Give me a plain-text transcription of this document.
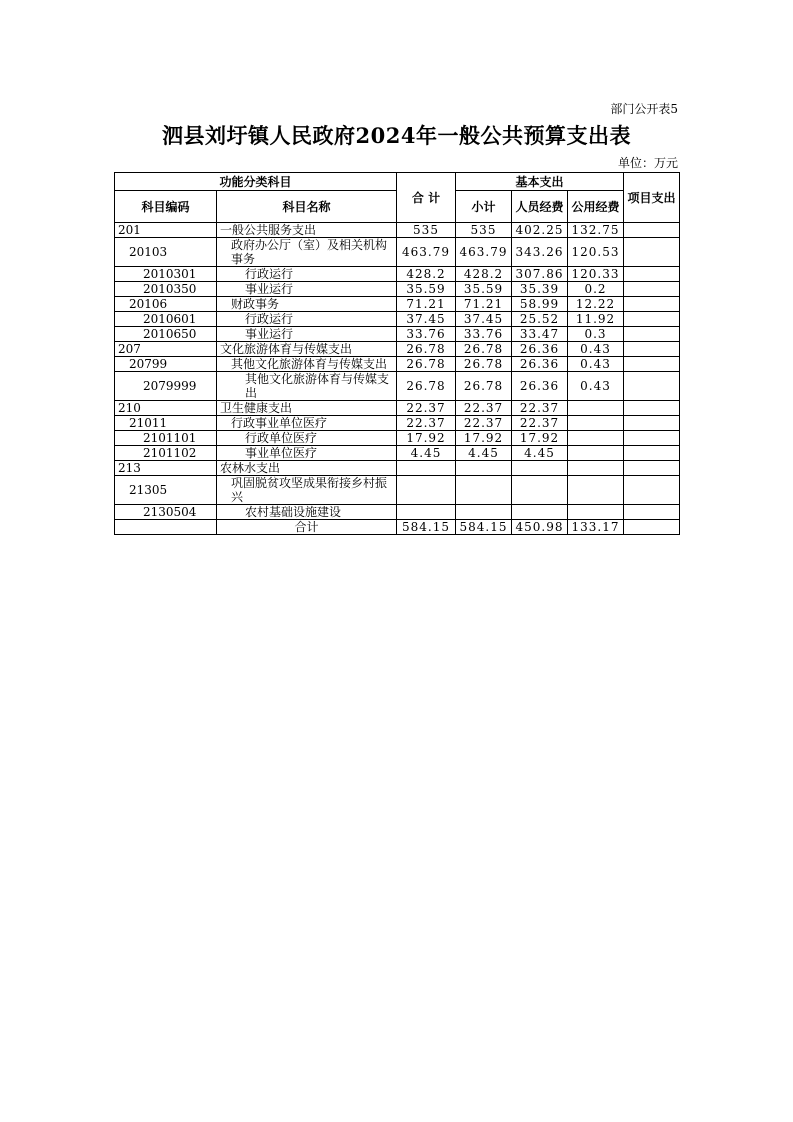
部门公开表5
泗县刘圩镇人民政府2024年一般公共预算支出表
单位：万元
功能分类科目		合 计	基本支出			项目支出
科目编码	科目名称		小计	人员经费	公用经费	
201	一般公共服务支出	535	535	402.25	132.75	
20103	政府办公厅（室）及相关机构事务	463.79	463.79	343.26	120.53	
2010301	行政运行	428.2	428.2	307.86	120.33	
2010350	事业运行	35.59	35.59	35.39	0.2	
20106	财政事务	71.21	71.21	58.99	12.22	
2010601	行政运行	37.45	37.45	25.52	11.92	
2010650	事业运行	33.76	33.76	33.47	0.3	
207	文化旅游体育与传媒支出	26.78	26.78	26.36	0.43	
20799	其他文化旅游体育与传媒支出	26.78	26.78	26.36	0.43	
2079999	其他文化旅游体育与传媒支出	26.78	26.78	26.36	0.43	
210	卫生健康支出	22.37	22.37	22.37		
21011	行政事业单位医疗	22.37	22.37	22.37		
2101101	行政单位医疗	17.92	17.92	17.92		
2101102	事业单位医疗	4.45	4.45	4.45		
213	农林水支出					
21305	巩固脱贫攻坚成果衔接乡村振兴					
2130504	农村基础设施建设					
	合计	584.15	584.15	450.98	133.17	
